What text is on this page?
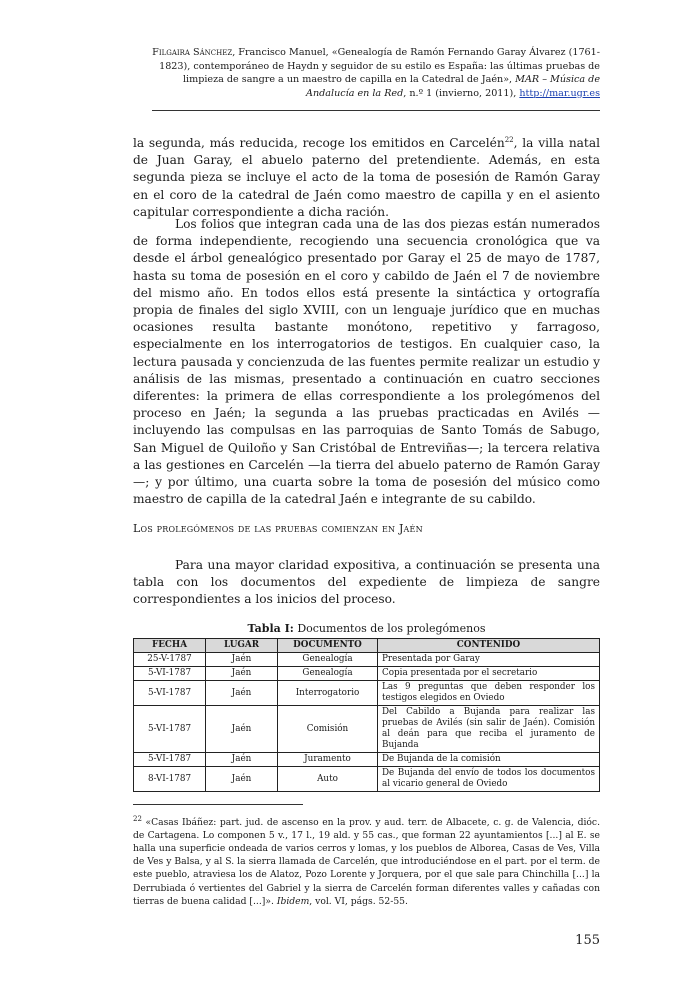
Filgaira Sánchez, Francisco Manuel, «Genealogía de Ramón Fernando Garay Álvarez (1761-1823), contemporáneo de Haydn y seguidor de su estilo es España: las últimas pruebas de limpieza de sangre a un maestro de capilla en la Catedral de Jaén», MAR – Música de Andalucía en la Red, n.º 1 (invierno, 2011), http://mar.ugr.es

la segunda, más reducida, recoge los emitidos en Carcelén$^{22}$, la villa natal de Juan Garay, el abuelo paterno del pretendiente. Además, en esta segunda pieza se incluye el acto de la toma de posesión de Ramón Garay en el coro de la catedral de Jaén como maestro de capilla y en el asiento capitular correspondiente a dicha ración.

Los folios que integran cada una de las dos piezas están numerados de forma independiente, recogiendo una secuencia cronológica que va desde el árbol genealógico presentado por Garay el 25 de mayo de 1787, hasta su toma de posesión en el coro y cabildo de Jaén el 7 de noviembre del mismo año. En todos ellos está presente la sintáctica y ortografía propia de finales del siglo XVIII, con un lenguaje jurídico que en muchas ocasiones resulta bastante monótono, repetitivo y farragoso, especialmente en los interrogatorios de testigos. En cualquier caso, la lectura pausada y concienzuda de las fuentes permite realizar un estudio y análisis de las mismas, presentado a continuación en cuatro secciones diferentes: la primera de ellas correspondiente a los prolegómenos del proceso en Jaén; la segunda a las pruebas practicadas en Avilés —incluyendo las compulsas en las parroquias de Santo Tomás de Sabugo, San Miguel de Quiloño y San Cristóbal de Entreviñas—; la tercera relativa a las gestiones en Carcelén —la tierra del abuelo paterno de Ramón Garay—; y por último, una cuarta sobre la toma de posesión del músico como maestro de capilla de la catedral Jaén e integrante de su cabildo.

Los prolegómenos de las pruebas comienzan en Jaén

Para una mayor claridad expositiva, a continuación se presenta una tabla con los documentos del expediente de limpieza de sangre correspondientes a los inicios del proceso.

Tabla I: Documentos de los prolegómenos
FECHA	LUGAR	DOCUMENTO	CONTENIDO
25-V-1787	Jaén	Genealogía	Presentada por Garay
5-VI-1787	Jaén	Genealogía	Copia presentada por el secretario
5-VI-1787	Jaén	Interrogatorio	Las 9 preguntas que deben responder los testigos elegidos en Oviedo
5-VI-1787	Jaén	Comisión	Del Cabildo a Bujanda para realizar las pruebas de Avilés (sin salir de Jaén). Comisión al deán para que reciba el juramento de Bujanda
5-VI-1787	Jaén	Juramento	De Bujanda de la comisión
8-VI-1787	Jaén	Auto	De Bujanda del envío de todos los documentos al vicario general de Oviedo
$^{22}$ «Casas Ibáñez: part. jud. de ascenso en la prov. y aud. terr. de Albacete, c. g. de Valencia, dióc. de Cartagena. Lo componen 5 v., 17 l., 19 ald. y 55 cas., que forman 22 ayuntamientos [...] al E. se halla una superficie ondeada de varios cerros y lomas, y los pueblos de Alborea, Casas de Ves, Villa de Ves y Balsa, y al S. la sierra llamada de Carcelén, que introduciéndose en el part. por el term. de este pueblo, atraviesa los de Alatoz, Pozo Lorente y Jorquera, por el que sale para Chinchilla [...] la Derrubiada ó vertientes del Gabriel y la sierra de Carcelén forman diferentes valles y cañadas con tierras de buena calidad [...]». Ibidem, vol. VI, págs. 52-55.
155
